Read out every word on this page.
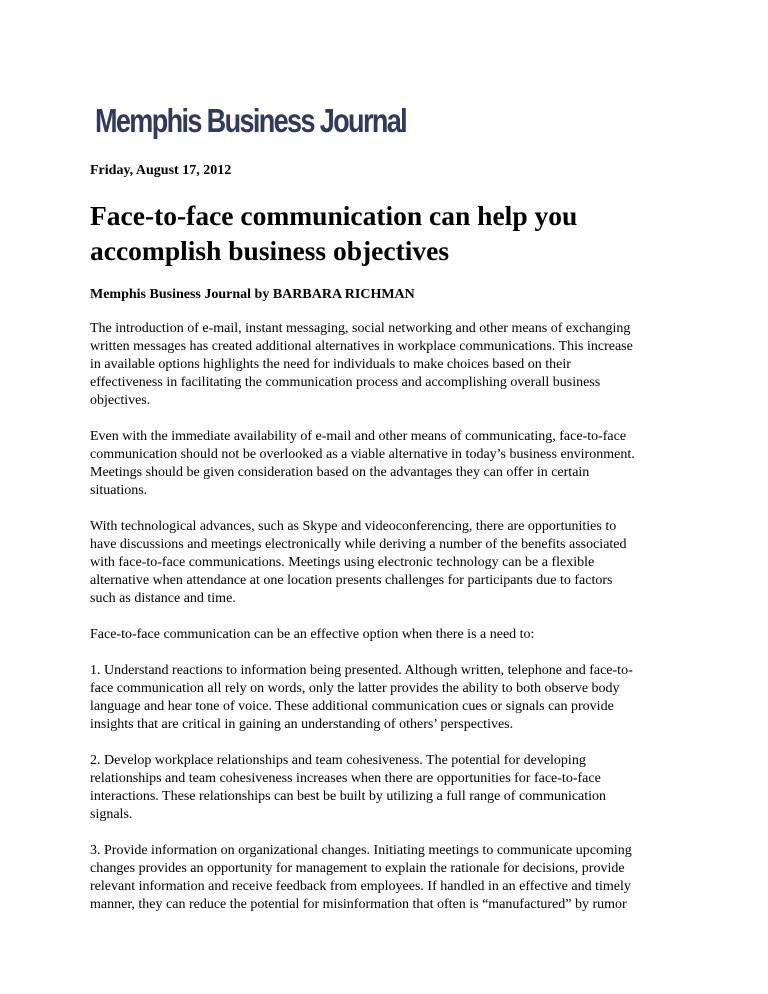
Memphis Business Journal
Friday, August 17, 2012
Face-to-face communication can help you
accomplish business objectives
Memphis Business Journal by BARBARA RICHMAN

The introduction of e-mail, instant messaging, social networking and other means of exchanging
written messages has created additional alternatives in workplace communications. This increase
in available options highlights the need for individuals to make choices based on their
effectiveness in facilitating the communication process and accomplishing overall business
objectives.

Even with the immediate availability of e-mail and other means of communicating, face-to-face
communication should not be overlooked as a viable alternative in today’s business environment.
Meetings should be given consideration based on the advantages they can offer in certain
situations.

With technological advances, such as Skype and videoconferencing, there are opportunities to
have discussions and meetings electronically while deriving a number of the benefits associated
with face-to-face communications. Meetings using electronic technology can be a flexible
alternative when attendance at one location presents challenges for participants due to factors
such as distance and time.

Face-to-face communication can be an effective option when there is a need to:

1. Understand reactions to information being presented. Although written, telephone and face-to-
face communication all rely on words, only the latter provides the ability to both observe body
language and hear tone of voice. These additional communication cues or signals can provide
insights that are critical in gaining an understanding of others’ perspectives.

2. Develop workplace relationships and team cohesiveness. The potential for developing
relationships and team cohesiveness increases when there are opportunities for face-to-face
interactions. These relationships can best be built by utilizing a full range of communication
signals.

3. Provide information on organizational changes. Initiating meetings to communicate upcoming
changes provides an opportunity for management to explain the rationale for decisions, provide
relevant information and receive feedback from employees. If handled in an effective and timely
manner, they can reduce the potential for misinformation that often is “manufactured” by rumor
